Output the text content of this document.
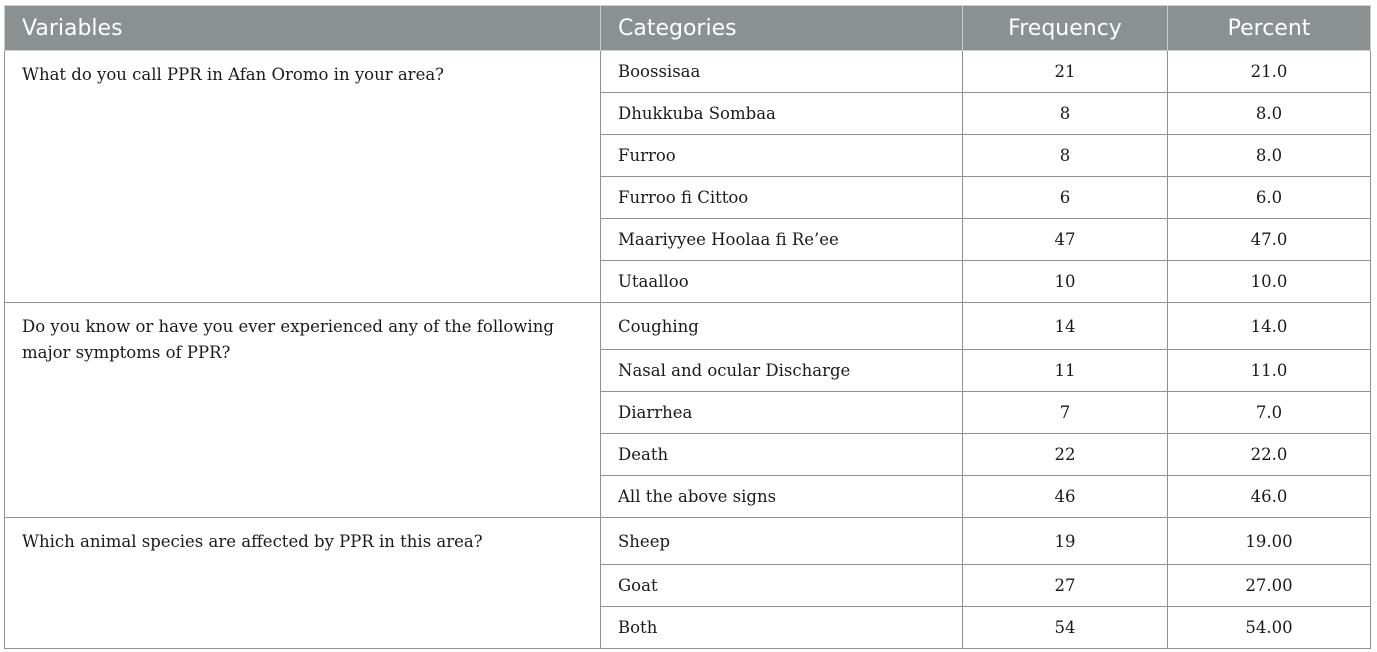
Variables	Categories	Frequency	Percent
What do you call PPR in Afan Oromo in your area?	Boossisaa	21	21.0
	Dhukkuba Sombaa	8	8.0
	Furroo	8	8.0
	Furroo fi Cittoo	6	6.0
	Maariyyee Hoolaa fi Re’ee	47	47.0
	Utaalloo	10	10.0
Do you know or have you ever experienced any of the following major symptoms of PPR?	Coughing	14	14.0
	Nasal and ocular Discharge	11	11.0
	Diarrhea	7	7.0
	Death	22	22.0
	All the above signs	46	46.0
Which animal species are affected by PPR in this area?	Sheep	19	19.00
	Goat	27	27.00
	Both	54	54.00
